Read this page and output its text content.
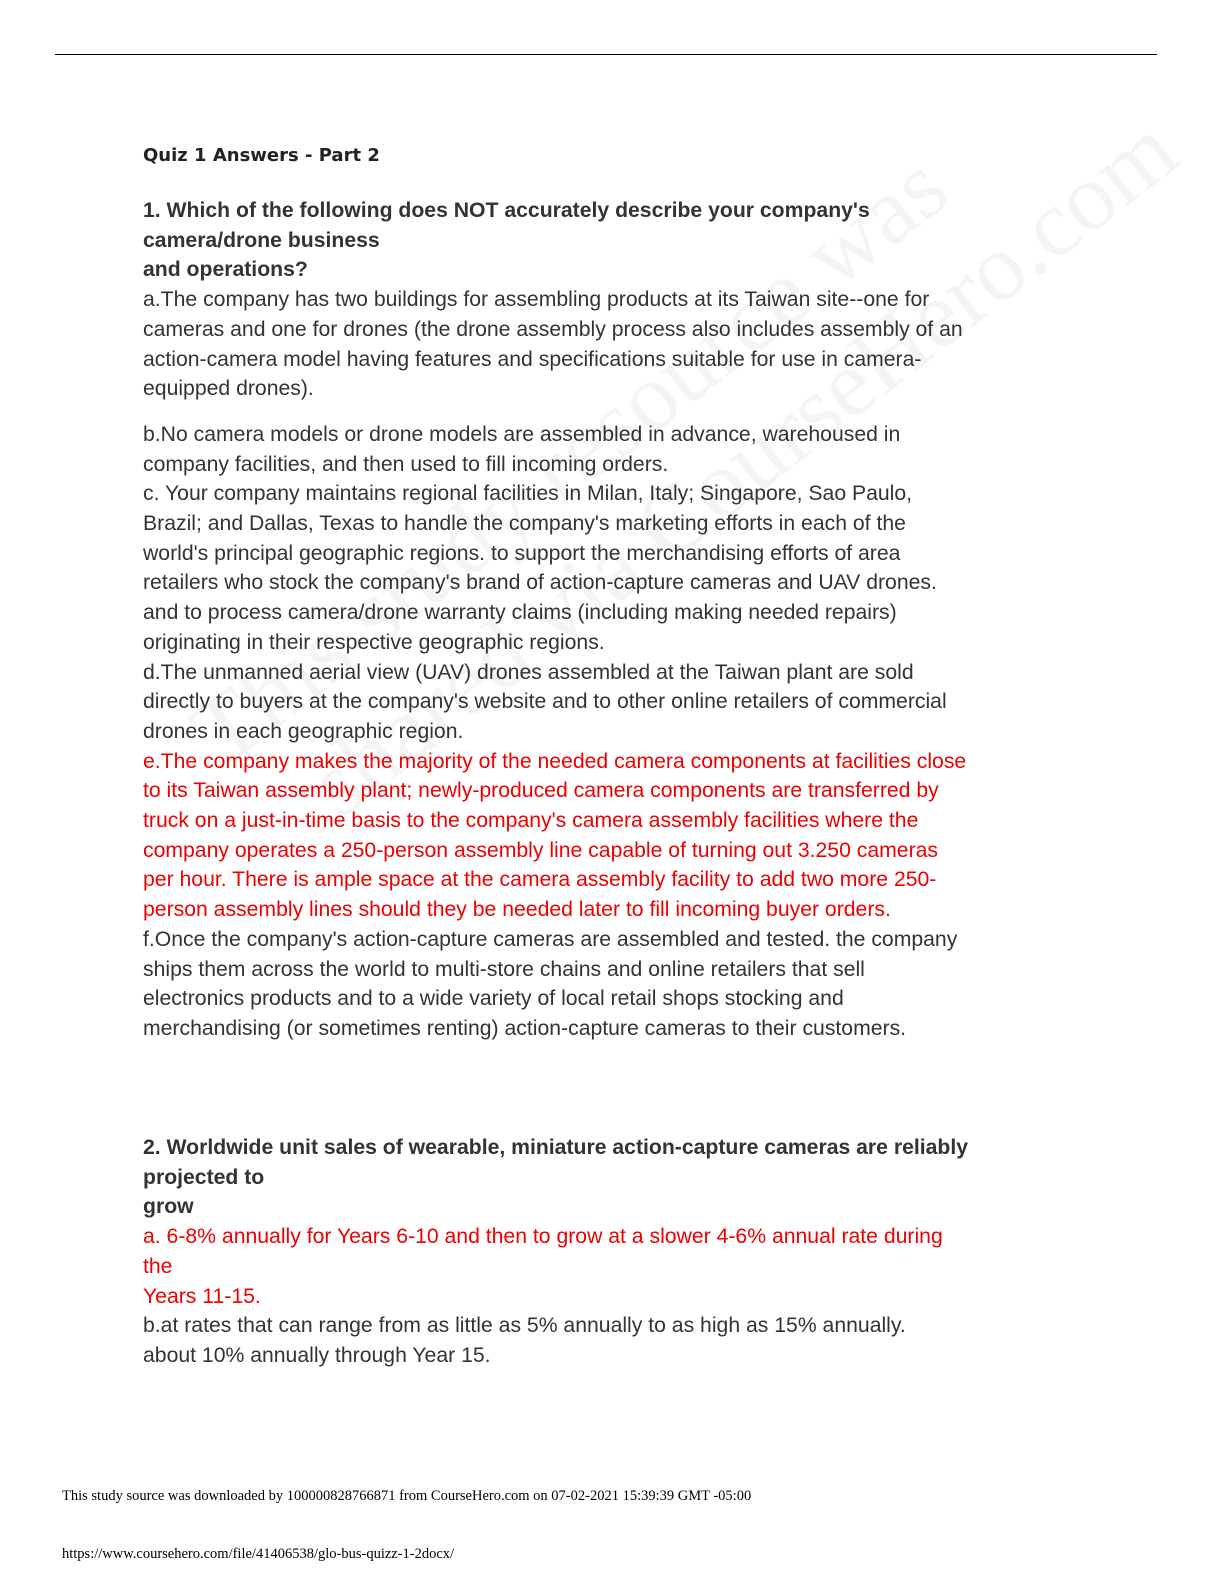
Quiz 1 Answers - Part 2
1. Which of the following does NOT accurately describe your company's
camera/drone business
and operations?
a.The company has two buildings for assembling products at its Taiwan site--one for
cameras and one for drones (the drone assembly process also includes assembly of an
action-camera model having features and specifications suitable for use in camera-
equipped drones).
b.No camera models or drone models are assembled in advance, warehoused in
company facilities, and then used to fill incoming orders.
c. Your company maintains regional facilities in Milan, Italy; Singapore, Sao Paulo,
Brazil; and Dallas, Texas to handle the company's marketing efforts in each of the
world's principal geographic regions. to support the merchandising efforts of area
retailers who stock the company's brand of action-capture cameras and UAV drones.
and to process camera/drone warranty claims (including making needed repairs)
originating in their respective geographic regions.
d.The unmanned aerial view (UAV) drones assembled at the Taiwan plant are sold
directly to buyers at the company's website and to other online retailers of commercial
drones in each geographic region.
e.The company makes the majority of the needed camera components at facilities close
to its Taiwan assembly plant; newly-produced camera components are transferred by
truck on a just-in-time basis to the company's camera assembly facilities where the
company operates a 250-person assembly line capable of turning out 3.250 cameras
per hour. There is ample space at the camera assembly facility to add two more 250-
person assembly lines should they be needed later to fill incoming buyer orders.
f.Once the company's action-capture cameras are assembled and tested. the company
ships them across the world to multi-store chains and online retailers that sell
electronics products and to a wide variety of local retail shops stocking and
merchandising (or sometimes renting) action-capture cameras to their customers.
2. Worldwide unit sales of wearable, miniature action-capture cameras are reliably
projected to
grow
a. 6-8% annually for Years 6-10 and then to grow at a slower 4-6% annual rate during
the
Years 11-15.
b.at rates that can range from as little as 5% annually to as high as 15% annually.
about 10% annually through Year 15.
This study source was downloaded by 100000828766871 from CourseHero.com on 07-02-2021 15:39:39 GMT -05:00
https://www.coursehero.com/file/41406538/glo-bus-quizz-1-2docx/
